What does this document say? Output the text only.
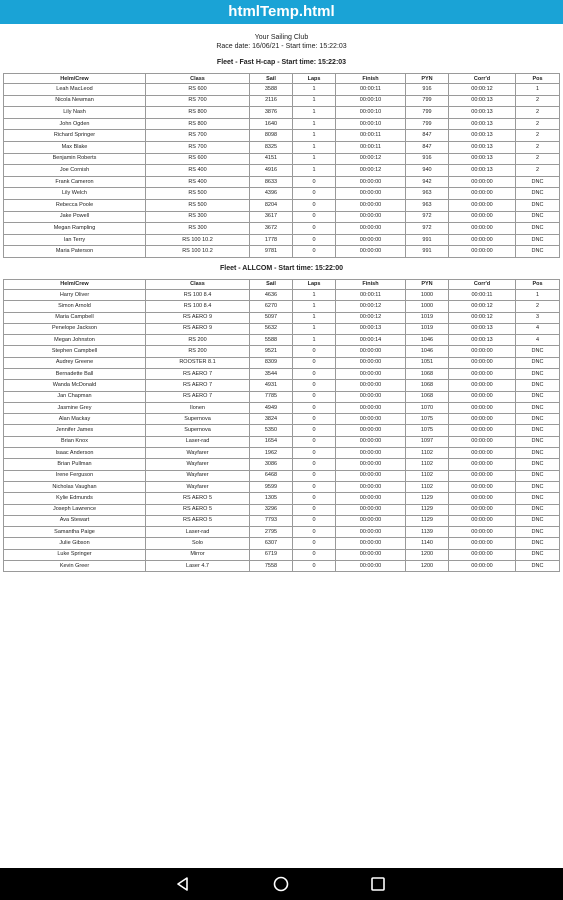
htmlTemp.html
Your Sailing Club
Race date: 16/06/21 - Start time: 15:22:03
Fleet - Fast H-cap - Start time: 15:22:03
Helm/Crew	Class	Sail	Laps	Finish	PYN	Corr'd	Pos
Leah MacLeod	RS 600	3588	1	00:00:11	916	00:00:12	1
Nicola Newman	RS 700	2116	1	00:00:10	799	00:00:13	2
Lily Nash	RS 800	3876	1	00:00:10	799	00:00:13	2
John Ogden	RS 800	1640	1	00:00:10	799	00:00:13	2
Richard Springer	RS 700	8098	1	00:00:11	847	00:00:13	2
Max Blake	RS 700	8325	1	00:00:11	847	00:00:13	2
Benjamin Roberts	RS 600	4151	1	00:00:12	916	00:00:13	2
Joe Cornish	RS 400	4916	1	00:00:12	940	00:00:13	2
Frank Cameron	RS 400	8633	0	00:00:00	942	00:00:00	DNC
Lily Welch	RS 500	4396	0	00:00:00	963	00:00:00	DNC
Rebecca Poole	RS 500	8204	0	00:00:00	963	00:00:00	DNC
Jake Powell	RS 300	3617	0	00:00:00	972	00:00:00	DNC
Megan Rampling	RS 300	3672	0	00:00:00	972	00:00:00	DNC
Ian Terry	RS 100 10.2	1778	0	00:00:00	991	00:00:00	DNC
Maria Paterson	RS 100 10.2	9781	0	00:00:00	991	00:00:00	DNC
Fleet - ALLCOM - Start time: 15:22:00
Helm/Crew	Class	Sail	Laps	Finish	PYN	Corr'd	Pos
Harry Oliver	RS 100 8.4	4636	1	00:00:11	1000	00:00:11	1
Simon Arnold	RS 100 8.4	6270	1	00:00:12	1000	00:00:12	2
Maria Campbell	RS AERO 9	5097	1	00:00:12	1019	00:00:12	3
Penelope Jackson	RS AERO 9	5632	1	00:00:13	1019	00:00:13	4
Megan Johnston	RS 200	5588	1	00:00:14	1046	00:00:13	4
Stephen Campbell	RS 200	9521	0	00:00:00	1046	00:00:00	DNC
Audrey Greene	ROOSTER 8.1	8309	0	00:00:00	1051	00:00:00	DNC
Bernadette Ball	RS AERO 7	3544	0	00:00:00	1068	00:00:00	DNC
Wanda McDonald	RS AERO 7	4931	0	00:00:00	1068	00:00:00	DNC
Jan Chapman	RS AERO 7	7785	0	00:00:00	1068	00:00:00	DNC
Jasmine Grey	Ilonen	4949	0	00:00:00	1070	00:00:00	DNC
Alan Mackay	Supernova	3824	0	00:00:00	1075	00:00:00	DNC
Jennifer James	Supernova	5350	0	00:00:00	1075	00:00:00	DNC
Brian Knox	Laser-rad	1654	0	00:00:00	1097	00:00:00	DNC
Isaac Anderson	Wayfarer	1962	0	00:00:00	1102	00:00:00	DNC
Brian Pullman	Wayfarer	3086	0	00:00:00	1102	00:00:00	DNC
Irene Ferguson	Wayfarer	6468	0	00:00:00	1102	00:00:00	DNC
Nicholas Vaughan	Wayfarer	9599	0	00:00:00	1102	00:00:00	DNC
Kylie Edmunds	RS AERO 5	1305	0	00:00:00	1129	00:00:00	DNC
Joseph Lawrence	RS AERO 5	3296	0	00:00:00	1129	00:00:00	DNC
Ava Stewart	RS AERO 5	7793	0	00:00:00	1129	00:00:00	DNC
Samantha Paige	Laser-rad	2795	0	00:00:00	1139	00:00:00	DNC
Julie Gibson	Solo	6307	0	00:00:00	1140	00:00:00	DNC
Luke Springer	Mirror	6719	0	00:00:00	1200	00:00:00	DNC
Kevin Greer	Laser 4.7	7558	0	00:00:00	1200	00:00:00	DNC
